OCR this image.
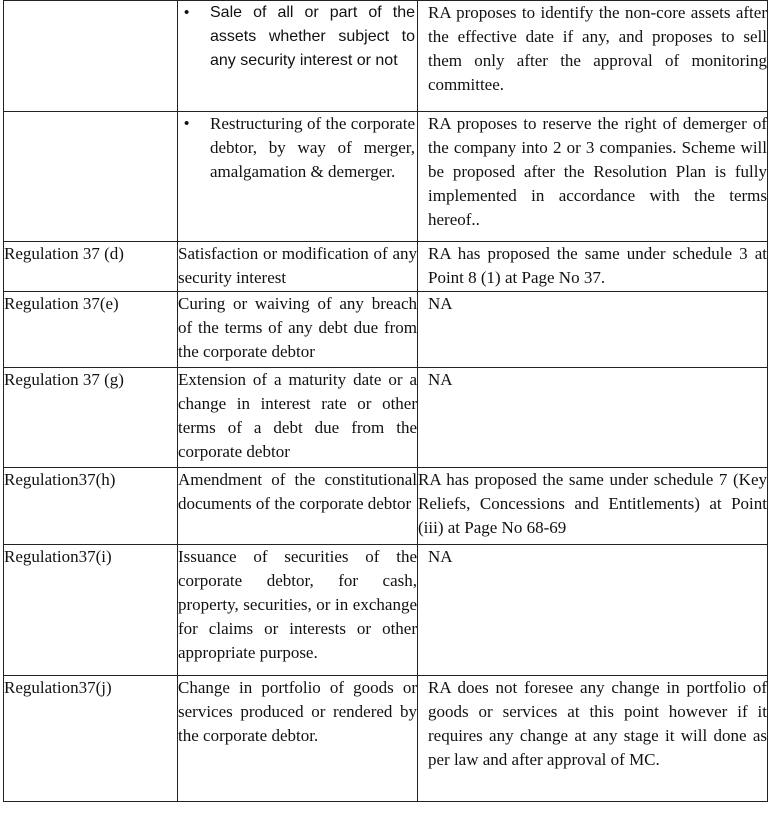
	• Sale of all or part of the assets whether subject to any security interest or not	RA proposes to identify the non-core assets after the effective date if any, and proposes to sell them only after the approval of monitoring committee.

	• Restructuring of the corporate debtor, by way of merger, amalgamation & demerger.	RA proposes to reserve the right of demerger of the company into 2 or 3 companies. Scheme will be proposed after the Resolution Plan is fully implemented in accordance with the terms hereof..
Regulation 37 (d)	Satisfaction or modification of any security interest	RA has proposed the same under schedule 3 at Point 8 (1) at Page No 37.
Regulation 37(e)	Curing or waiving of any breach of the terms of any debt due from the corporate debtor	NA
Regulation 37 (g)	Extension of a maturity date or a change in interest rate or other terms of a debt due from the corporate debtor	NA
Regulation37(h)	Amendment of the constitutional documents of the corporate debtor	RA has proposed the same under schedule 7 (Key Reliefs, Concessions and Entitlements) at Point (iii) at Page No 68-69
Regulation37(i)	Issuance of securities of the corporate debtor, for cash, property, securities, or in exchange for claims or interests or other appropriate purpose.	NA
Regulation37(j)	Change in portfolio of goods or services produced or rendered by the corporate debtor.	RA does not foresee any change in portfolio of goods or services at this point however if it requires any change at any stage it will done as per law and after approval of MC.
